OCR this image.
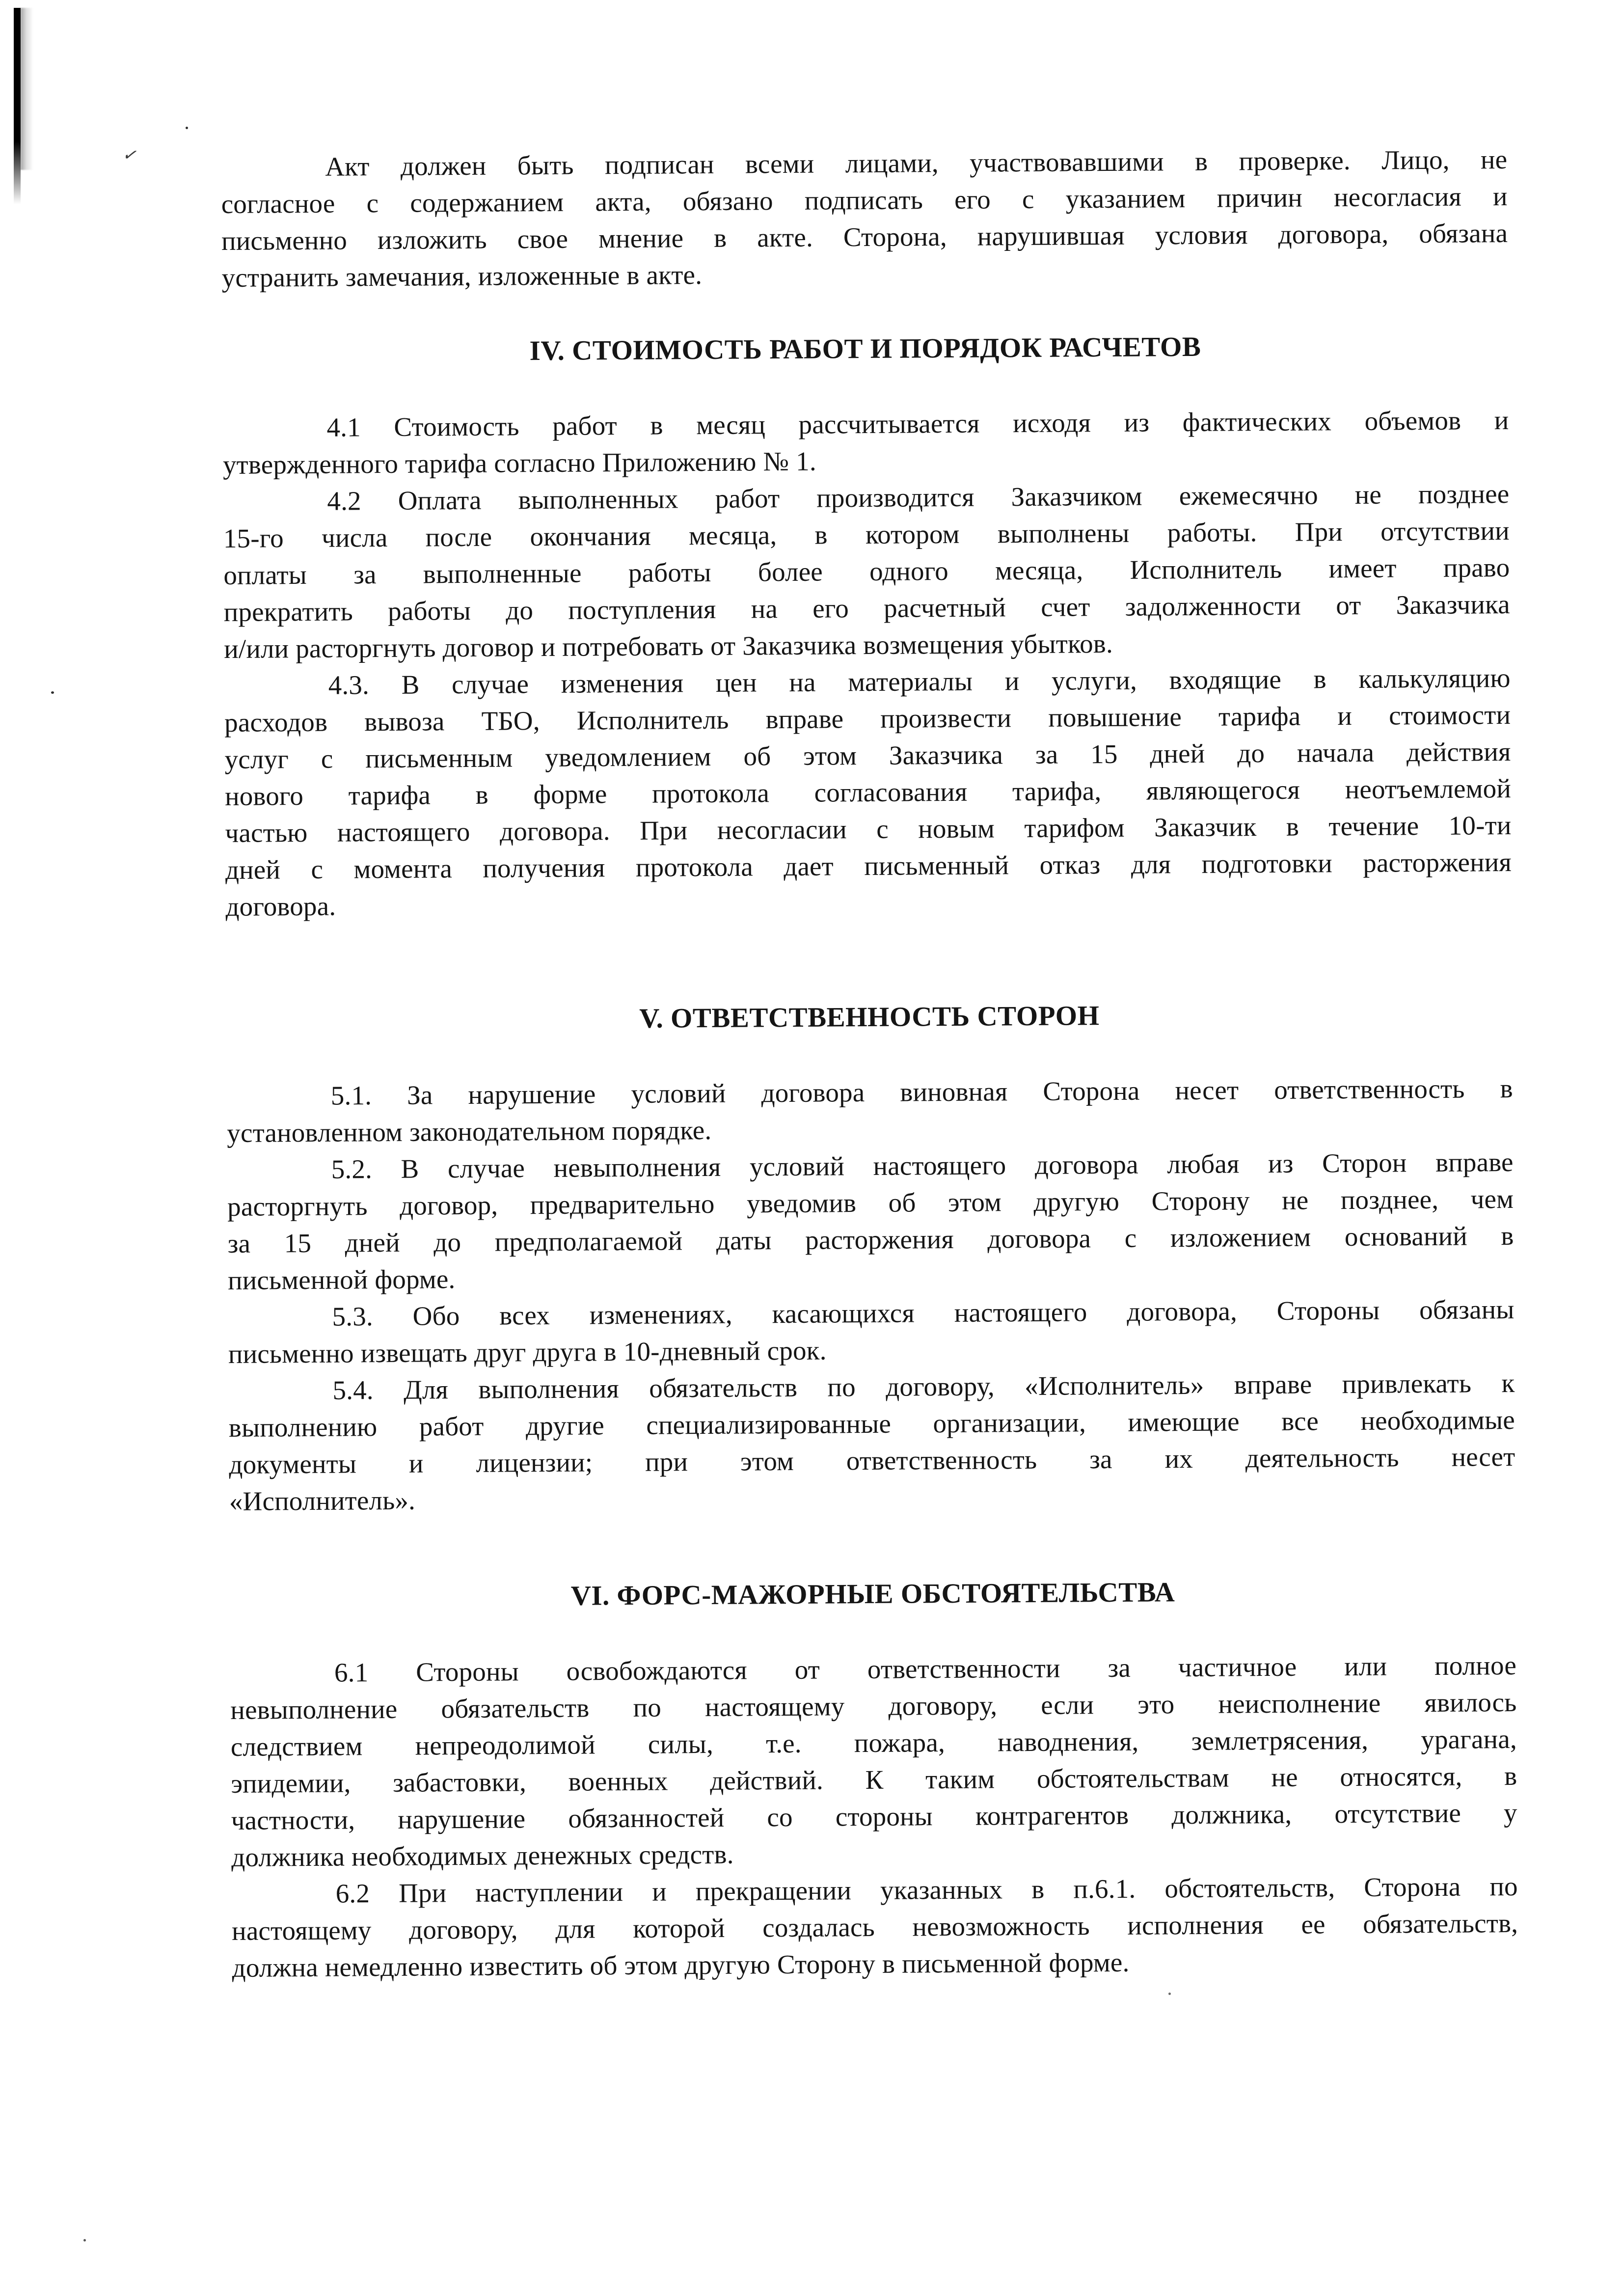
✓	Акт должен быть подписан всеми лицами, участвовавшими в проверке. Лицо, не
согласное с содержанием акта, обязано подписать его с указанием причин несогласия и
письменно изложить свое мнение в акте. Сторона, нарушившая условия договора, обязана
устранить замечания, изложенные в акте.
IV. СТОИМОСТЬ РАБОТ И ПОРЯДОК РАСЧЕТОВ
4.1 Стоимость работ в месяц рассчитывается исходя из фактических объемов и
утвержденного тарифа согласно Приложению № 1.
4.2 Оплата выполненных работ производится Заказчиком ежемесячно не позднее
15-го числа после окончания месяца, в котором выполнены работы. При отсутствии
оплаты за выполненные работы более одного месяца, Исполнитель имеет право
прекратить работы до поступления на его расчетный счет задолженности от Заказчика
и/или расторгнуть договор и потребовать от Заказчика возмещения убытков.
4.3. В случае изменения цен на материалы и услуги, входящие в калькуляцию
расходов вывоза ТБО, Исполнитель вправе произвести повышение тарифа и стоимости
услуг с письменным уведомлением об этом Заказчика за 15 дней до начала действия
нового тарифа в форме протокола согласования тарифа, являющегося неотъемлемой
частью настоящего договора. При несогласии с новым тарифом Заказчик в течение 10-ти
дней с момента получения протокола дает письменный отказ для подготовки расторжения
договора.
V. ОТВЕТСТВЕННОСТЬ СТОРОН
5.1. За нарушение условий договора виновная Сторона несет ответственность в
установленном законодательном порядке.
5.2. В случае невыполнения условий настоящего договора любая из Сторон вправе
расторгнуть договор, предварительно уведомив об этом другую Сторону не позднее, чем
за 15 дней до предполагаемой даты расторжения договора с изложением оснований в
письменной форме.
5.3. Обо всех изменениях, касающихся настоящего договора, Стороны обязаны
письменно извещать друг друга в 10-дневный срок.
5.4. Для выполнения обязательств по договору, «Исполнитель» вправе привлекать к
выполнению работ другие специализированные организации, имеющие все необходимые
документы и лицензии; при этом ответственность за их деятельность несет
«Исполнитель».
VI. ФОРС-МАЖОРНЫЕ ОБСТОЯТЕЛЬСТВА
6.1 Стороны освобождаются от ответственности за частичное или полное
невыполнение обязательств по настоящему договору, если это неисполнение явилось
следствием непреодолимой силы, т.е. пожара, наводнения, землетрясения, урагана,
эпидемии, забастовки, военных действий. К таким обстоятельствам не относятся, в
частности, нарушение обязанностей со стороны контрагентов должника, отсутствие у
должника необходимых денежных средств.
6.2 При наступлении и прекращении указанных в п.6.1. обстоятельств, Сторона по
настоящему договору, для которой создалась невозможность исполнения ее обязательств,
должна немедленно известить об этом другую Сторону в письменной форме.
